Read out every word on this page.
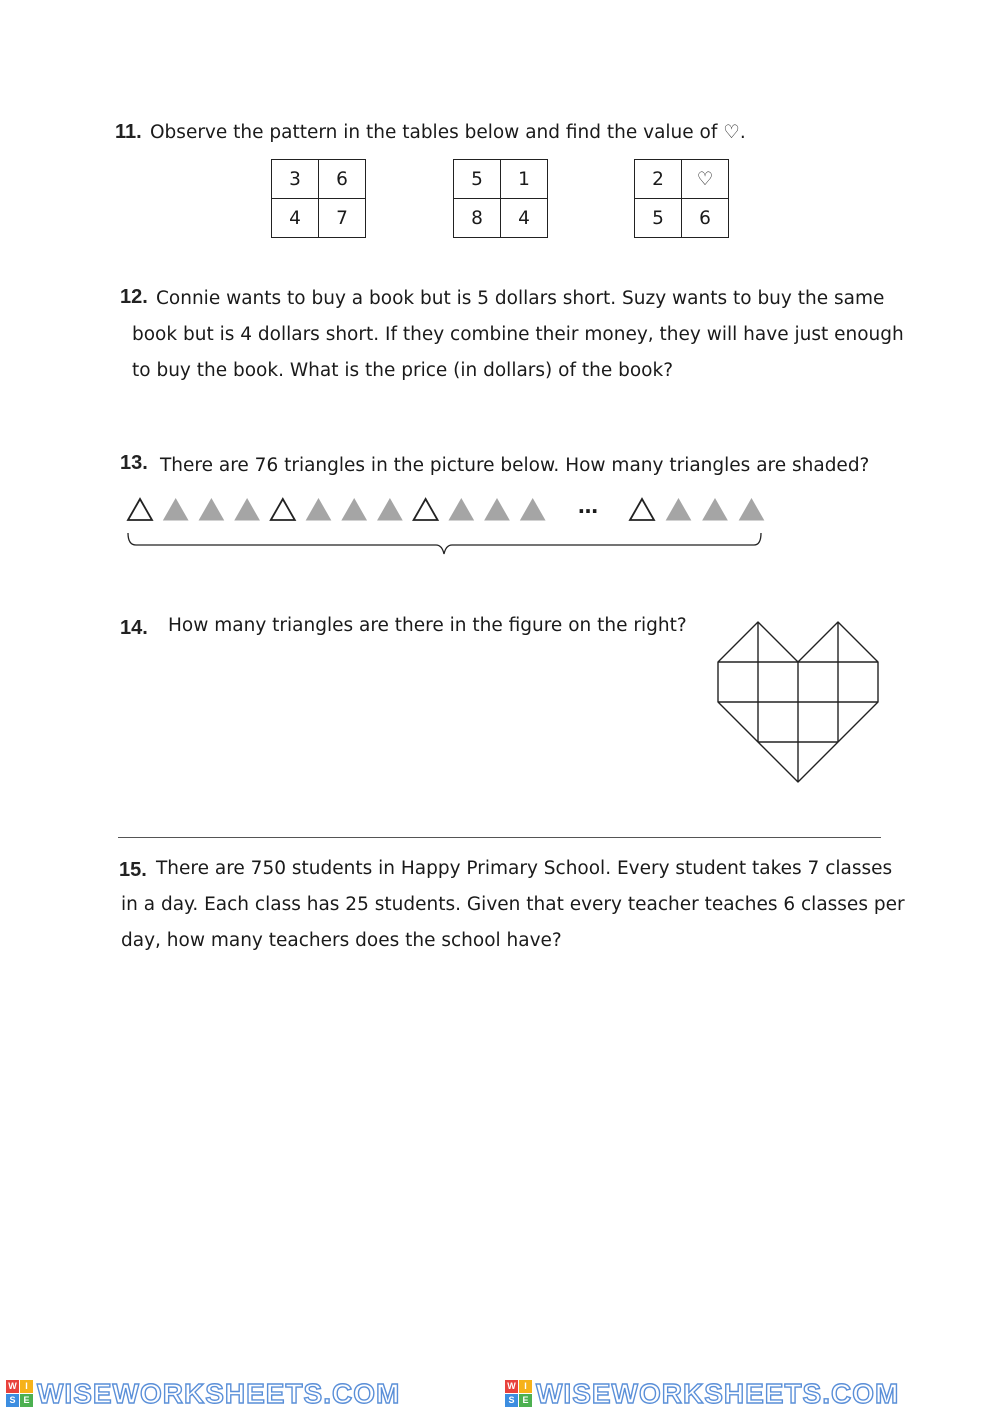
11. Observe the pattern in the tables below and find the value of ♡.
3	6
4	7
5	1
8	4
2	♡
5	6
12. Connie wants to buy a book but is 5 dollars short. Suzy wants to buy the same
book but is 4 dollars short. If they combine their money, they will have just enough
to buy the book. What is the price (in dollars) of the book?
13. There are 76 triangles in the picture below. How many triangles are shaded?
…
14. How many triangles are there in the figure on the right?
15. There are 750 students in Happy Primary School. Every student takes 7 classes
in a day. Each class has 25 students. Given that every teacher teaches 6 classes per
day, how many teachers does the school have?
W I
S E WISEWORKSHEETS.COM	W I
S E WISEWORKSHEETS.COM
